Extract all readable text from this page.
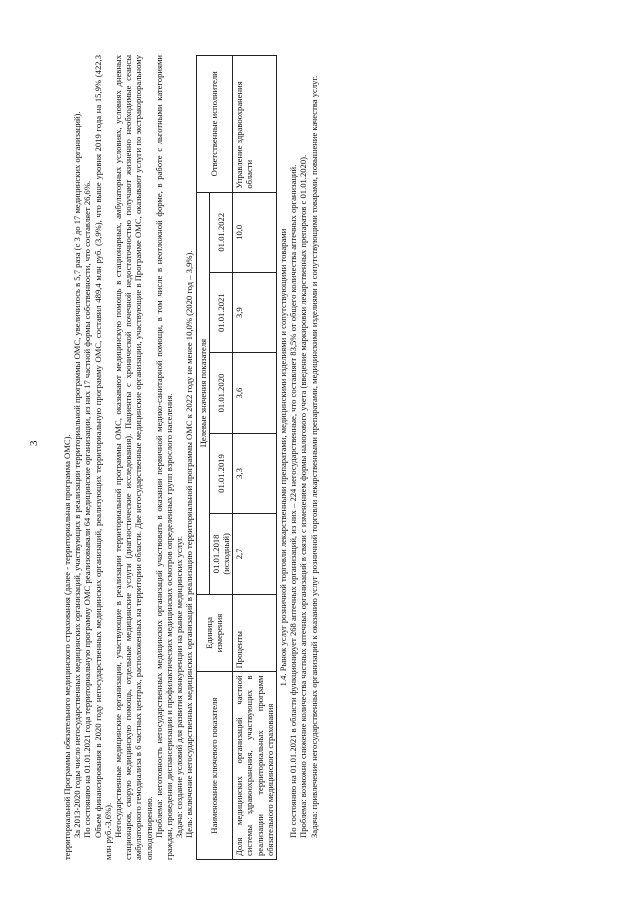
3	территориальной Программы обязательного медицинского страхования (далее - территориальная программа ОМС). За 2013-2020 годы число негосударственных медицинских организаций, участвующих в реализации территориальной программы ОМС, увеличилось в 5,7 раза (с 3 до 17 медицинских организаций). По состоянию на 01.01.2021 года территориальную программу ОМС реализовывали 64 медицинские организации, из них 17 частной формы собственности, что составляет 26,6%. Объем финансирования в 2020 году негосударственных медицинских организаций, реализующих территориальную программу ОМС, составил 489,4 млн руб. (3,9%), что выше уровня 2019 года на 15,9% (422,3 млн руб.-3,6%). Негосударственные медицинские организации, участвующие в реализации территориальной программы ОМС, оказывают медицинскую помощь в стационарных, амбулаторных условиях, условиях дневных стационаров, скорую медицинскую помощь, отдельные медицинские услуги (диагностические исследования). Пациенты с хронической почечной недостаточностью получают жизненно необходимые сеансы амбулаторного гемодиализа в 6 частных центрах, расположенных на территории области. Две негосударственные медицинские организации, участвующие в Программе ОМС, оказывают услуги по экстракорпоральному оплодотворению. Проблема: неготовность негосударственных медицинских организаций участвовать в оказании первичной медико-санитарной помощи, в том числе в неотложной форме, в работе с льготными категориями граждан, проведении диспансеризации и профилактических медицинских осмотров определенных групп взрослого населения. Задача: создание условий для развития конкуренции на рынке медицинских услуг. Цель: включение негосударственных медицинских организаций в реализацию территориальной программы ОМС к 2022 году не менее 10,0% (2020 год – 3,9%). Наименование ключевого показателя	Единица измерения	Целевые значения показателя					Ответственные исполнители
		01.01.2018 (исходный)	01.01.2019	01.01.2020	01.01.2021	01.01.2022	
Доля медицинских организаций частной системы здравоохранения, участвующих в реализации территориальных программ обязательного медицинского страхования	Проценты	2,7	3,3	3,6	3,9	10,0	Управление здравоохранения области

1.4. Рынок услуг розничной торговли лекарственными препаратами, медицинскими изделиями и сопутствующими товарами По состоянию на 01.01.2021 в области функционирует 268 аптечных организаций, из них – 224 негосударственные, что составляет 83,5% от общего количества аптечных организаций. Проблема: возможно снижение количества частных аптечных организаций в связи с изменением формы налогового учета (введение маркировки лекарственных препаратов с 01.01.2020). Задача: привлечение негосударственных организаций к оказанию услуг розничной торговли лекарственными препаратами, медицинскими изделиями и сопутствующими товарами, повышение качества услуг.
